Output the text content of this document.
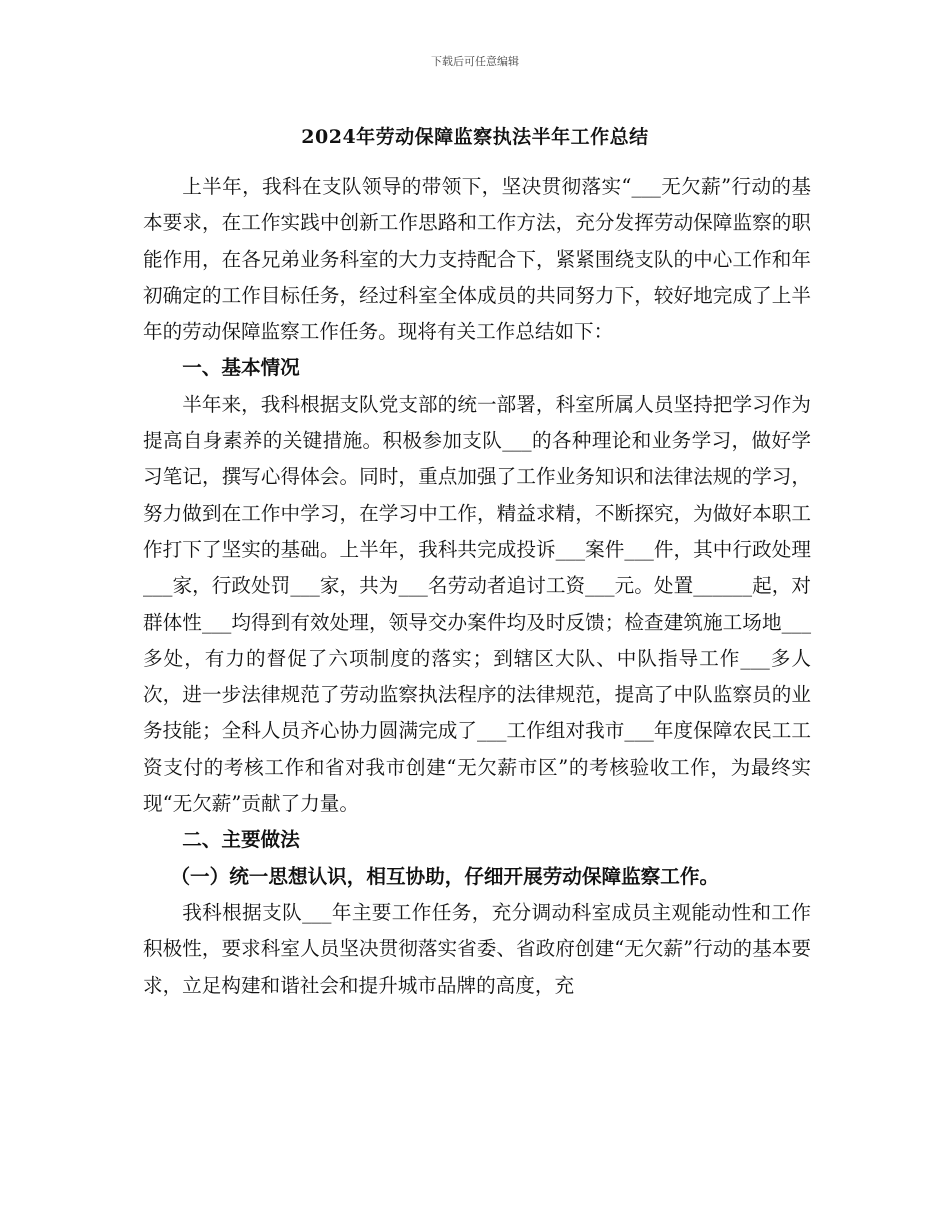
下载后可任意编辑
2024年劳动保障监察执法半年工作总结

上半年，我科在支队领导的带领下，坚决贯彻落实“___无欠薪”行动的基本要求，在工作实践中创新工作思路和工作方法，充分发挥劳动保障监察的职能作用，在各兄弟业务科室的大力支持配合下，紧紧围绕支队的中心工作和年初确定的工作目标任务，经过科室全体成员的共同努力下，较好地完成了上半年的劳动保障监察工作任务。现将有关工作总结如下：

一、基本情况

半年来，我科根据支队党支部的统一部署，科室所属人员坚持把学习作为提高自身素养的关键措施。积极参加支队___的各种理论和业务学习，做好学习笔记，撰写心得体会。同时，重点加强了工作业务知识和法律法规的学习，努力做到在工作中学习，在学习中工作，精益求精，不断探究，为做好本职工作打下了坚实的基础。上半年，我科共完成投诉___案件___件，其中行政处理___家，行政处罚___家，共为___名劳动者追讨工资___元。处置______起，对群体性___均得到有效处理，领导交办案件均及时反馈；检查建筑施工场地___多处，有力的督促了六项制度的落实；到辖区大队、中队指导工作___多人次，进一步法律规范了劳动监察执法程序的法律规范，提高了中队监察员的业务技能；全科人员齐心协力圆满完成了___工作组对我市___年度保障农民工工资支付的考核工作和省对我市创建“无欠薪市区”的考核验收工作，为最终实现“无欠薪”贡献了力量。

二、主要做法

（一）统一思想认识，相互协助，仔细开展劳动保障监察工作。

我科根据支队___年主要工作任务，充分调动科室成员主观能动性和工作积极性，要求科室人员坚决贯彻落实省委、省政府创建“无欠薪”行动的基本要求，立足构建和谐社会和提升城市品牌的高度，充
